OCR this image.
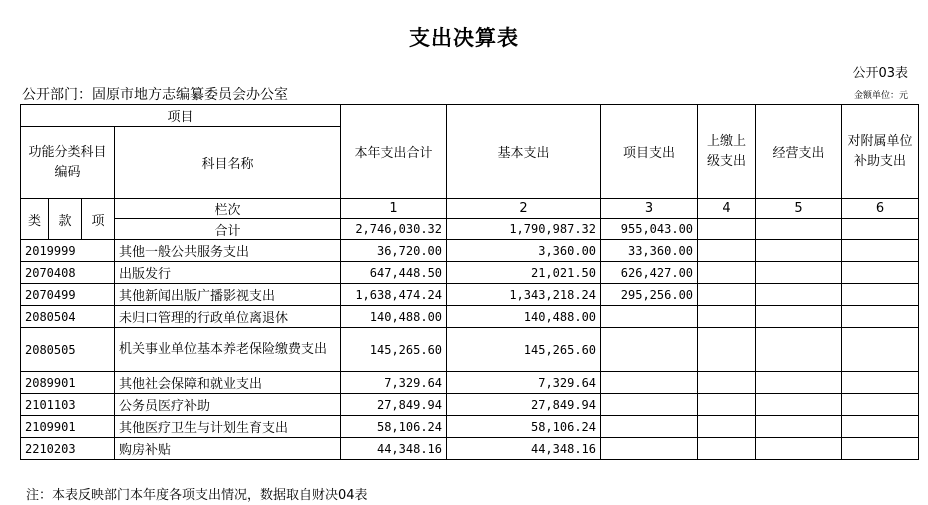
支出决算表
公开03表
公开部门：固原市地方志编纂委员会办公室	金额单位：元
项目				本年支出合计	基本支出	项目支出	上缴上级支出	经营支出	对附属单位补助支出
功能分类科目编码			科目名称						

类	款	项	栏次	1	2	3	4	5	6
			合计	2,746,030.32	1,790,987.32	955,043.00			
2019999			其他一般公共服务支出	36,720.00	3,360.00	33,360.00			
2070408			出版发行	647,448.50	21,021.50	626,427.00			
2070499			其他新闻出版广播影视支出	1,638,474.24	1,343,218.24	295,256.00			
2080504			未归口管理的行政单位离退休	140,488.00	140,488.00				
2080505			机关事业单位基本养老保险缴费支出	145,265.60	145,265.60				
2089901			其他社会保障和就业支出	7,329.64	7,329.64				
2101103			公务员医疗补助	27,849.94	27,849.94				
2109901			其他医疗卫生与计划生育支出	58,106.24	58,106.24				
2210203			购房补贴	44,348.16	44,348.16				
注：本表反映部门本年度各项支出情况，数据取自财决04表
